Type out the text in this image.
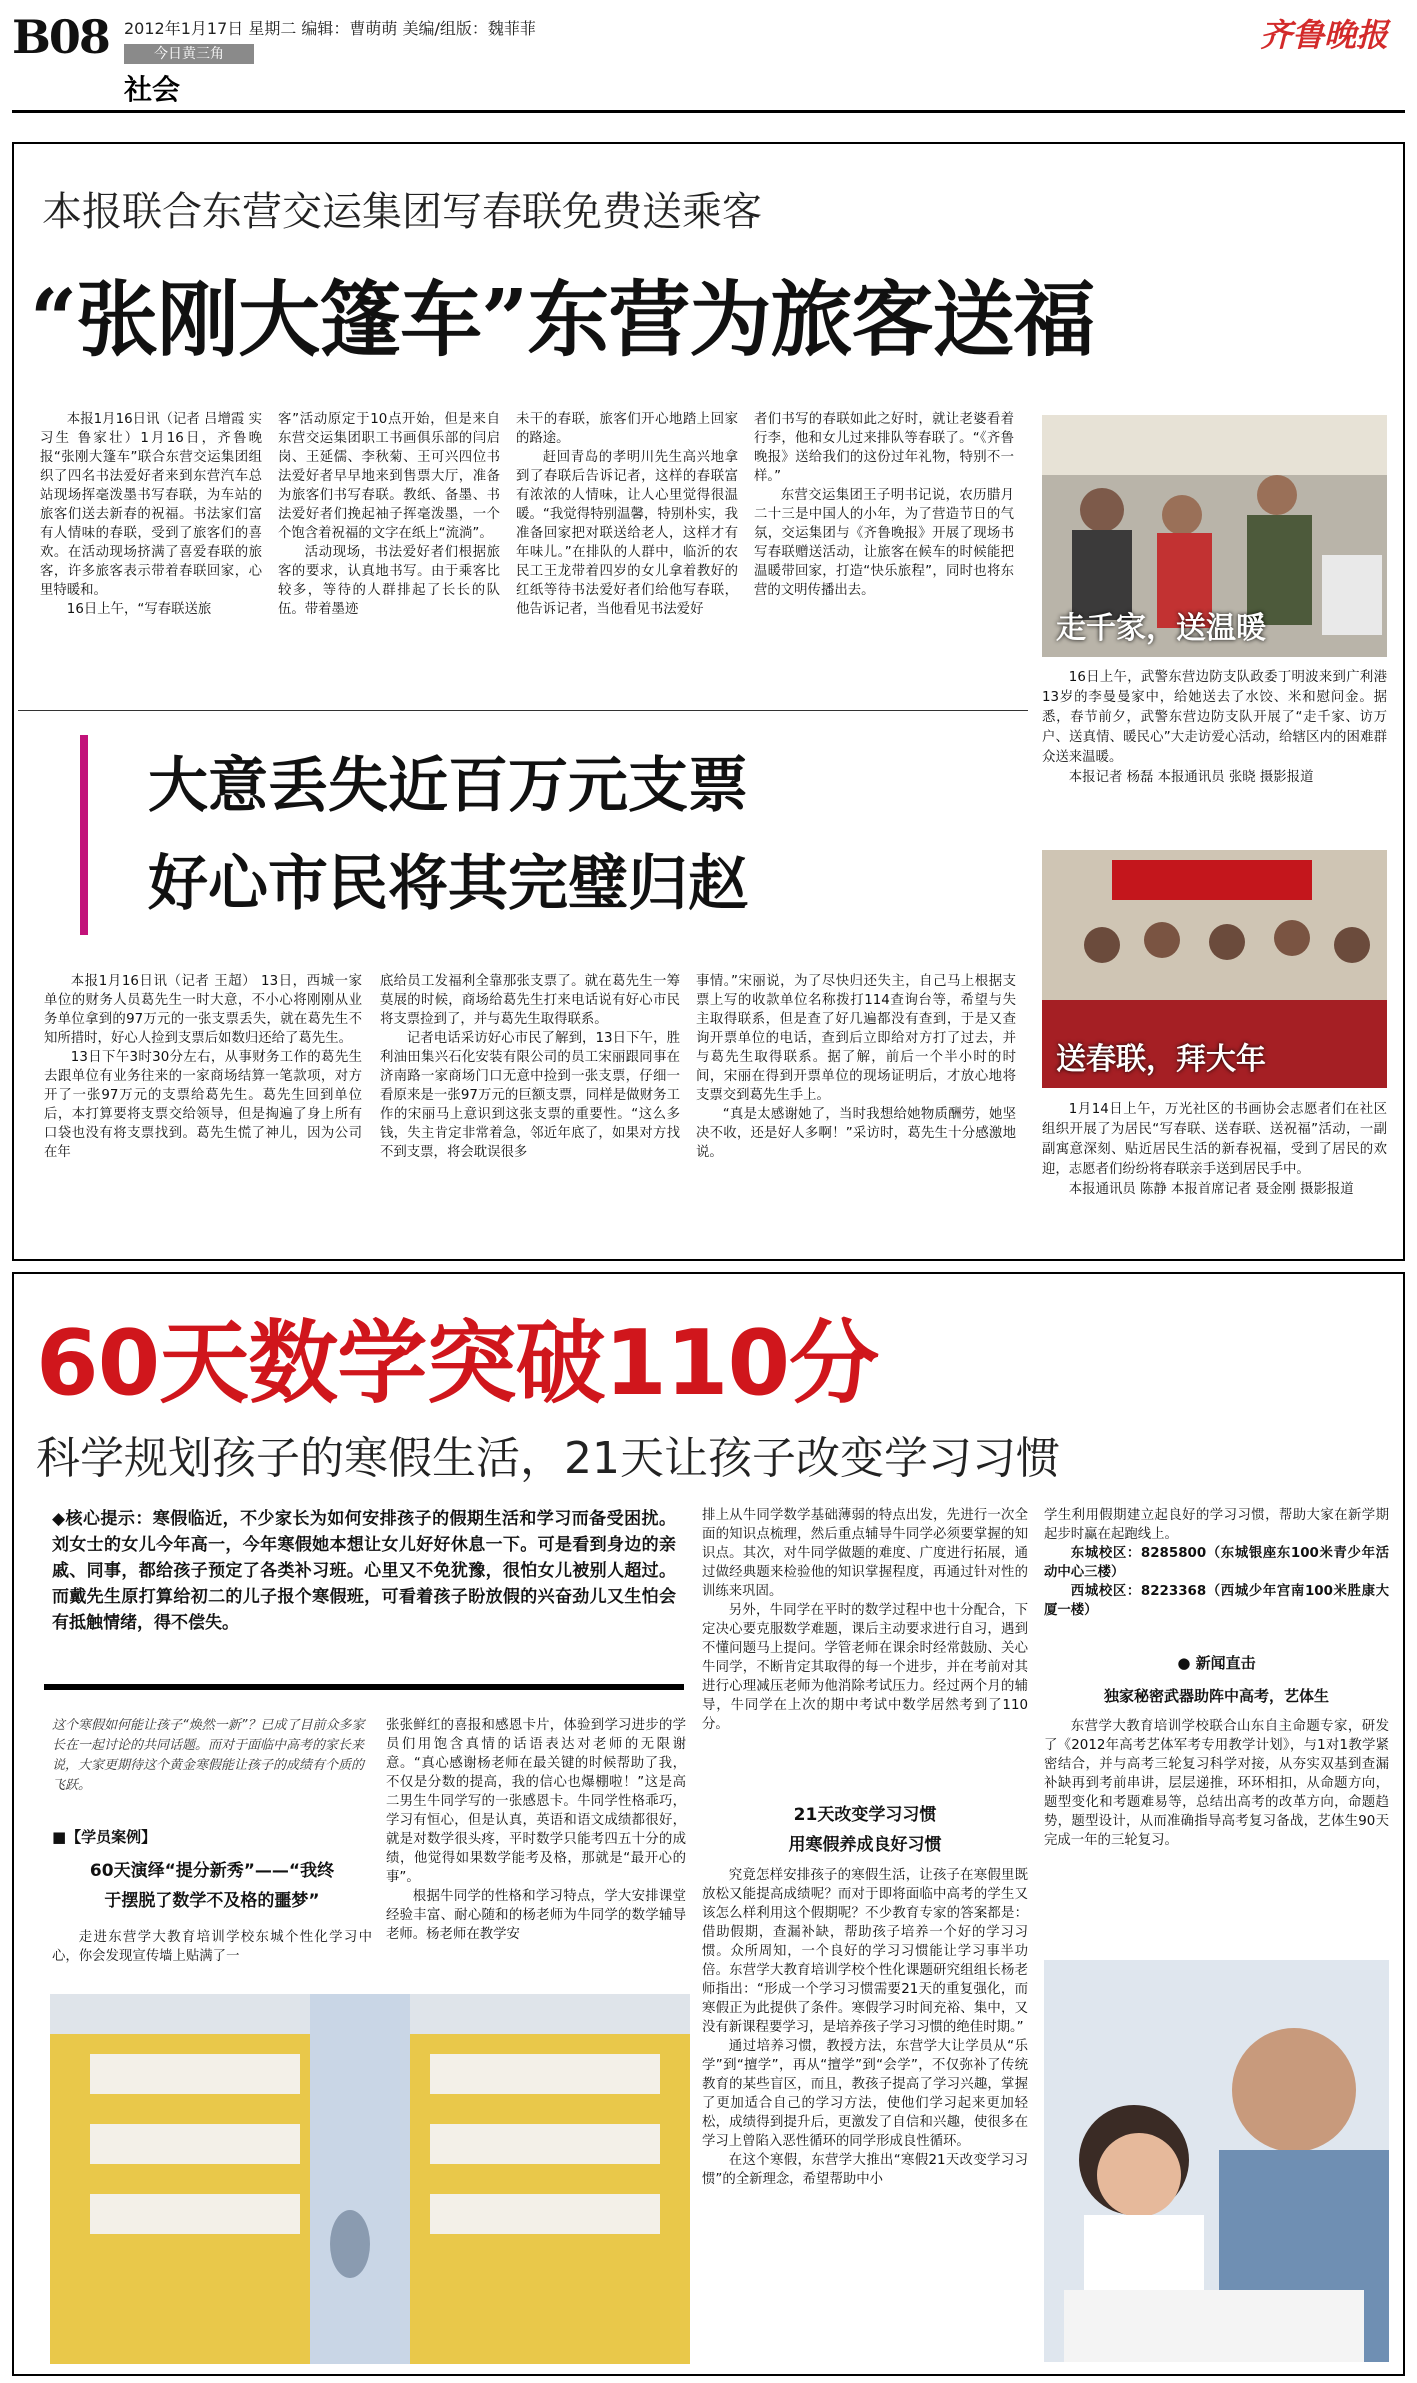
B08 2012年1月17日 星期二 编辑：曹萌萌 美编/组版：魏菲菲
今日黄三角
社会
齐鲁晚报
本报联合东营交运集团写春联免费送乘客
“张刚大篷车”东营为旅客送福

本报1月16日讯（记者 吕增霞 实习生 鲁家壮）1月16日，齐鲁晚报“张刚大篷车”联合东营交运集团组织了四名书法爱好者来到东营汽车总站现场挥毫泼墨书写春联，为车站的旅客们送去新春的祝福。书法家们富有人情味的春联，受到了旅客们的喜欢。在活动现场挤满了喜爱春联的旅客，许多旅客表示带着春联回家，心里特暖和。

16日上午，“写春联送旅

客”活动原定于10点开始，但是来自东营交运集团职工书画俱乐部的闫启岗、王延儒、李秋菊、王可兴四位书法爱好者早早地来到售票大厅，准备为旅客们书写春联。教纸、备墨、书法爱好者们挽起袖子挥毫泼墨，一个个饱含着祝福的文字在纸上“流淌”。

活动现场，书法爱好者们根据旅客的要求，认真地书写。由于乘客比较多，等待的人群排起了长长的队伍。带着墨迹

未干的春联，旅客们开心地踏上回家的路途。

赶回青岛的孝明川先生高兴地拿到了春联后告诉记者，这样的春联富有浓浓的人情味，让人心里觉得很温暖。“我觉得特别温馨，特别朴实，我准备回家把对联送给老人，这样才有年味儿。”在排队的人群中，临沂的农民工王龙带着四岁的女儿拿着教好的红纸等待书法爱好者们给他写春联，他告诉记者，当他看见书法爱好

者们书写的春联如此之好时，就让老婆看着行李，他和女儿过来排队等春联了。“《齐鲁晚报》送给我们的这份过年礼物，特别不一样。”

东营交运集团王子明书记说，农历腊月二十三是中国人的小年，为了营造节日的气氛，交运集团与《齐鲁晚报》开展了现场书写春联赠送活动，让旅客在候车的时候能把温暖带回家，打造“快乐旅程”，同时也将东营的文明传播出去。

走千家，送温暖
16日上午，武警东营边防支队政委丁明波来到广利港13岁的李曼曼家中，给她送去了水饺、米和慰问金。据悉，春节前夕，武警东营边防支队开展了“走千家、访万户、送真情、暖民心”大走访爱心活动，给辖区内的困难群众送来温暖。
本报记者 杨磊 本报通讯员 张晓 摄影报道
送春联，拜大年
1月14日上午，万光社区的书画协会志愿者们在社区组织开展了为居民“写春联、送春联、送祝福”活动，一副副寓意深刻、贴近居民生活的新春祝福，受到了居民的欢迎，志愿者们纷纷将春联亲手送到居民手中。
本报通讯员 陈静 本报首席记者 聂金刚 摄影报道
大意丢失近百万元支票
好心市民将其完璧归赵

本报1月16日讯（记者 王超） 13日，西城一家单位的财务人员葛先生一时大意，不小心将刚刚从业务单位拿到的97万元的一张支票丢失，就在葛先生不知所措时，好心人捡到支票后如数归还给了葛先生。

13日下午3时30分左右，从事财务工作的葛先生去跟单位有业务往来的一家商场结算一笔款项，对方开了一张97万元的支票给葛先生。葛先生回到单位后，本打算要将支票交给领导，但是掏遍了身上所有口袋也没有将支票找到。葛先生慌了神儿，因为公司在年

底给员工发福利全靠那张支票了。就在葛先生一筹莫展的时候，商场给葛先生打来电话说有好心市民将支票捡到了，并与葛先生取得联系。

记者电话采访好心市民了解到，13日下午，胜利油田集兴石化安装有限公司的员工宋丽跟同事在济南路一家商场门口无意中捡到一张支票，仔细一看原来是一张97万元的巨额支票，同样是做财务工作的宋丽马上意识到这张支票的重要性。“这么多钱，失主肯定非常着急，邻近年底了，如果对方找不到支票，将会耽误很多

事情。”宋丽说，为了尽快归还失主，自己马上根据支票上写的收款单位名称拨打114查询台等，希望与失主取得联系，但是查了好几遍都没有查到，于是又查询开票单位的电话，查到后立即给对方打了过去，并与葛先生取得联系。据了解，前后一个半小时的时间，宋丽在得到开票单位的现场证明后，才放心地将支票交到葛先生手上。

“真是太感谢她了，当时我想给她物质酬劳，她坚决不收，还是好人多啊！”采访时，葛先生十分感激地说。

60天数学突破110分
科学规划孩子的寒假生活，21天让孩子改变学习习惯
◆核心提示：寒假临近，不少家长为如何安排孩子的假期生活和学习而备受困扰。刘女士的女儿今年高一，今年寒假她本想让女儿好好休息一下。可是看到身边的亲戚、同事，都给孩子预定了各类补习班。心里又不免犹豫，很怕女儿被别人超过。而戴先生原打算给初二的儿子报个寒假班，可看着孩子盼放假的兴奋劲儿又生怕会有抵触情绪，得不偿失。
这个寒假如何能让孩子“焕然一新”？已成了目前众多家长在一起讨论的共同话题。而对于面临中高考的家长来说，大家更期待这个黄金寒假能让孩子的成绩有个质的飞跃。
■【学员案例】
60天演绎“提分新秀”——“我终
于摆脱了数学不及格的噩梦”

走进东营学大教育培训学校东城个性化学习中心，你会发现宣传墙上贴满了一

张张鲜红的喜报和感恩卡片，体验到学习进步的学员们用饱含真情的话语表达对老师的无限谢意。“真心感谢杨老师在最关键的时候帮助了我，不仅是分数的提高，我的信心也爆棚啦！”这是高二男生牛同学写的一张感恩卡。牛同学性格乖巧，学习有恒心，但是认真，英语和语文成绩都很好，就是对数学很头疼，平时数学只能考四五十分的成绩，他觉得如果数学能考及格，那就是“最开心的事”。

根据牛同学的性格和学习特点，学大安排课堂经验丰富、耐心随和的杨老师为牛同学的数学辅导老师。杨老师在教学安

排上从牛同学数学基础薄弱的特点出发，先进行一次全面的知识点梳理，然后重点辅导牛同学必须要掌握的知识点。其次，对牛同学做题的难度、广度进行拓展，通过做经典题来检验他的知识掌握程度，再通过针对性的训练来巩固。

另外，牛同学在平时的数学过程中也十分配合，下定决心要克服数学难题，课后主动要求进行自习，遇到不懂问题马上提问。学管老师在课余时经常鼓励、关心牛同学，不断肯定其取得的每一个进步，并在考前对其进行心理减压老师为他消除考试压力。经过两个月的辅导，牛同学在上次的期中考试中数学居然考到了110分。

21天改变学习习惯
用寒假养成良好习惯

究竟怎样安排孩子的寒假生活，让孩子在寒假里既放松又能提高成绩呢？而对于即将面临中高考的学生又该怎么样利用这个假期呢？不少教育专家的答案都是：借助假期，查漏补缺，帮助孩子培养一个好的学习习惯。众所周知，一个良好的学习习惯能让学习事半功倍。东营学大教育培训学校个性化课题研究组组长杨老师指出：“形成一个学习习惯需要21天的重复强化，而寒假正为此提供了条件。寒假学习时间充裕、集中，又没有新课程要学习，是培养孩子学习习惯的绝佳时期。”

通过培养习惯，教授方法，东营学大让学员从“乐学”到“擅学”，再从“擅学”到“会学”，不仅弥补了传统教育的某些盲区，而且，教孩子提高了学习兴趣，掌握了更加适合自己的学习方法，使他们学习起来更加轻松，成绩得到提升后，更激发了自信和兴趣，使很多在学习上曾陷入恶性循环的同学形成良性循环。

在这个寒假，东营学大推出“寒假21天改变学习习惯”的全新理念，希望帮助中小

学生利用假期建立起良好的学习习惯，帮助大家在新学期起步时赢在起跑线上。

东城校区：8285800（东城银座东100米青少年活动中心三楼）

西城校区：8223368（西城少年宫南100米胜康大厦一楼）

● 新闻直击
独家秘密武器助阵中高考，艺体生

东营学大教育培训学校联合山东自主命题专家，研发了《2012年高考艺体军考专用教学计划》，与1对1教学紧密结合，并与高考三轮复习科学对接，从夯实双基到查漏补缺再到考前串讲，层层递推，环环相扣，从命题方向，题型变化和考题难易等，总结出高考的改革方向，命题趋势，题型设计，从而准确指导高考复习备战，艺体生90天完成一年的三轮复习。
